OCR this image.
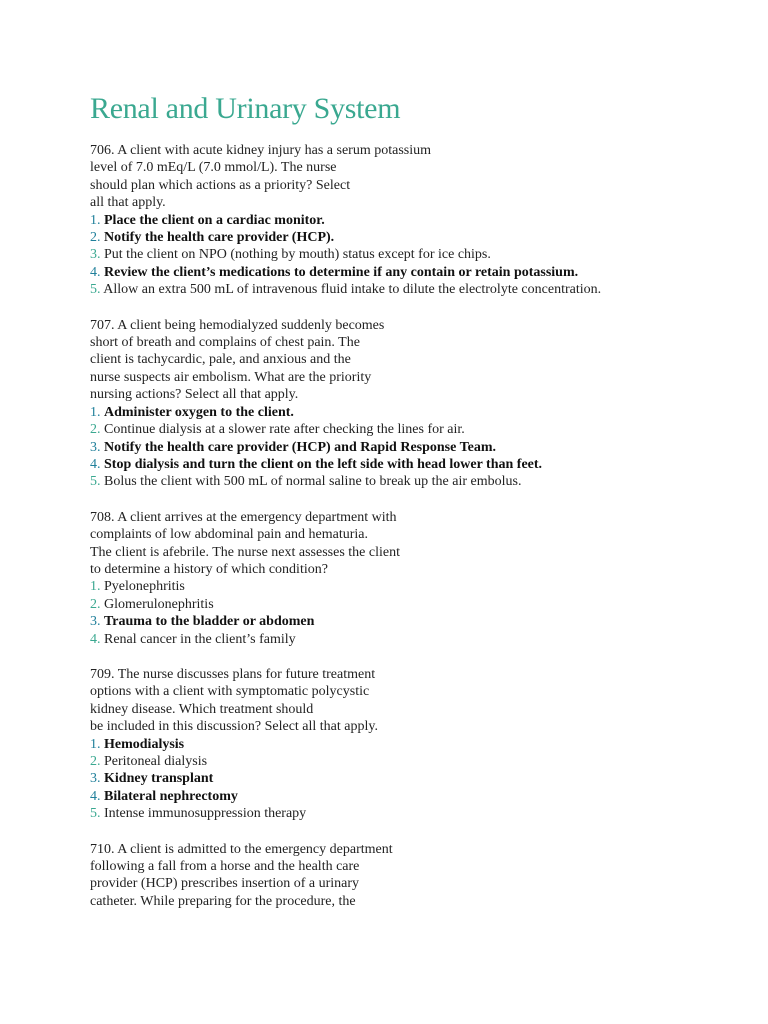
Renal and Urinary System
706. A client with acute kidney injury has a serum potassium
level of 7.0 mEq/L (7.0 mmol/L). The nurse
should plan which actions as a priority? Select
all that apply.
1. Place the client on a cardiac monitor.
2. Notify the health care provider (HCP).
3. Put the client on NPO (nothing by mouth) status except for ice chips.
4. Review the client’s medications to determine if any contain or retain potassium.
5. Allow an extra 500 mL of intravenous fluid intake to dilute the electrolyte concentration.
707. A client being hemodialyzed suddenly becomes
short of breath and complains of chest pain. The
client is tachycardic, pale, and anxious and the
nurse suspects air embolism. What are the priority
nursing actions? Select all that apply.
1. Administer oxygen to the client.
2. Continue dialysis at a slower rate after checking the lines for air.
3. Notify the health care provider (HCP) and Rapid Response Team.
4. Stop dialysis and turn the client on the left side with head lower than feet.
5. Bolus the client with 500 mL of normal saline to break up the air embolus.
708. A client arrives at the emergency department with
complaints of low abdominal pain and hematuria.
The client is afebrile. The nurse next assesses the client
to determine a history of which condition?
1. Pyelonephritis
2. Glomerulonephritis
3. Trauma to the bladder or abdomen
4. Renal cancer in the client’s family
709. The nurse discusses plans for future treatment
options with a client with symptomatic polycystic
kidney disease. Which treatment should
be included in this discussion? Select all that apply.
1. Hemodialysis
2. Peritoneal dialysis
3. Kidney transplant
4. Bilateral nephrectomy
5. Intense immunosuppression therapy
710. A client is admitted to the emergency department
following a fall from a horse and the health care
provider (HCP) prescribes insertion of a urinary
catheter. While preparing for the procedure, the
